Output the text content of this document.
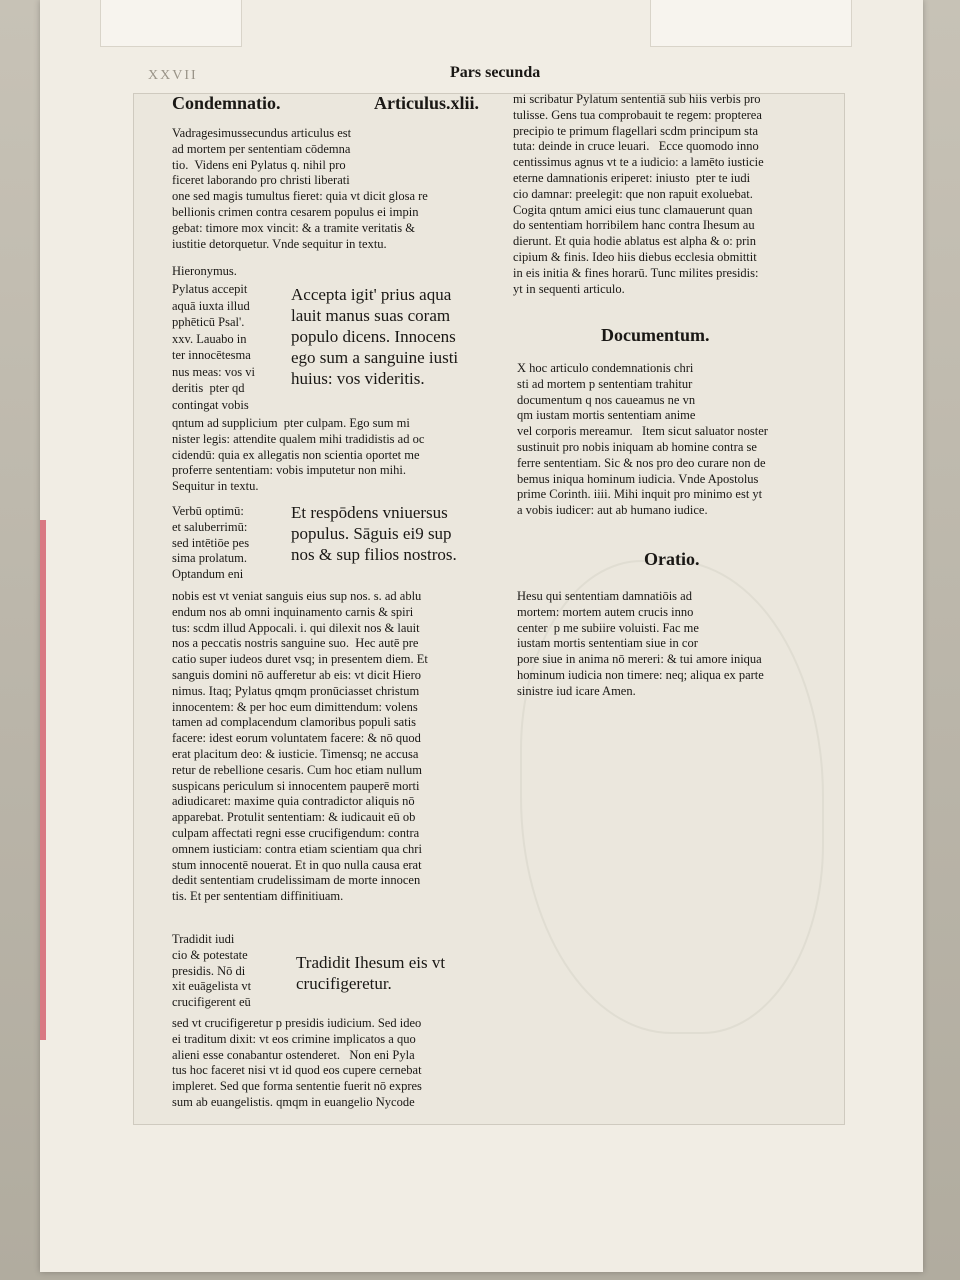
Pars secunda

XXVII

Condemnatio.	Articulus.xlii.

Vadragesimussecundus articulus est
ad mortem per sententiam cōdemna
tio.  Videns eni Pylatus q. nihil pro
ficeret laborando pro christi liberati
one sed magis tumultus fieret: quia vt dicit glosa re
bellionis crimen contra cesarem populus ei impin
gebat: timore mox vincit: & a tramite veritatis &
iustitie detorquetur. Vnde sequitur in textu.

Hieronymus.

Pylatus accepit
aquā iuxta illud
pphēticū Psal'.
xxv. Lauabo in
ter innocētesma
nus meas: vos vi
deritis  pter qd
contingat vobis

Accepta igit' prius aqua
lauit manus suas coram
populo dicens. Innocens
ego sum a sanguine iusti
huius: vos videritis.

qntum ad supplicium  pter culpam. Ego sum mi
nister legis: attendite qualem mihi tradidistis ad oc
cidendū: quia ex allegatis non scientia oportet me
proferre sententiam: vobis imputetur non mihi.
Sequitur in textu.

Verbū optimū:
et saluberrimū:
sed intētiōe pes
sima prolatum.
Optandum eni

Et respōdens vniuersus
populus. Sāguis ei9 sup
nos & sup filios nostros.

nobis est vt veniat sanguis eius sup nos. s. ad ablu
endum nos ab omni inquinamento carnis & spiri
tus: scdm illud Appocali. i. qui dilexit nos & lauit
nos a peccatis nostris sanguine suo.  Hec autē pre
catio super iudeos duret vsq; in presentem diem. Et
sanguis domini nō aufferetur ab eis: vt dicit Hiero
nimus. Itaq; Pylatus qmqm pronūciasset christum
innocentem: & per hoc eum dimittendum: volens
tamen ad complacendum clamoribus populi satis
facere: idest eorum voluntatem facere: & nō quod
erat placitum deo: & iusticie. Timensq; ne accusa
retur de rebellione cesaris. Cum hoc etiam nullum
suspicans periculum si innocentem pauperē morti
adiudicaret: maxime quia contradictor aliquis nō
apparebat. Protulit sententiam: & iudicauit eū ob
culpam affectati regni esse crucifigendum: contra
omnem iusticiam: contra etiam scientiam qua chri
stum innocentē nouerat. Et in quo nulla causa erat
dedit sententiam crudelissimam de morte innocen
tis. Et per sententiam diffinitiuam.

Tradidit iudi
cio & potestate
presidis. Nō di
xit euāgelista vt
crucifigerent eū

Tradidit Ihesum eis vt
crucifigeretur.

sed vt crucifigeretur p presidis iudicium. Sed ideo
ei traditum dixit: vt eos crimine implicatos a quo
alieni esse conabantur ostenderet.   Non eni Pyla
tus hoc faceret nisi vt id quod eos cupere cernebat
impleret. Sed que forma sententie fuerit nō expres
sum ab euangelistis. qmqm in euangelio Nycode

mi scribatur Pylatum sententiā sub hiis verbis pro
tulisse. Gens tua comprobauit te regem: propterea
precipio te primum flagellari scdm principum sta
tuta: deinde in cruce leuari.   Ecce quomodo inno
centissimus agnus vt te a iudicio: a lamēto iusticie
eterne damnationis eriperet: iniusto  pter te iudi
cio damnar: preelegit: que non rapuit exoluebat.
Cogita qntum amici eius tunc clamauerunt quan
do sententiam horribilem hanc contra Ihesum au
dierunt. Et quia hodie ablatus est alpha & o: prin
cipium & finis. Ideo hiis diebus ecclesia obmittit
in eis initia & fines horarū. Tunc milites presidis:
yt in sequenti articulo.

Documentum.

X hoc articulo condemnationis chri
sti ad mortem p sententiam trahitur
documentum q nos caueamus ne vn
qm iustam mortis sententiam anime
vel corporis mereamur.   Item sicut saluator noster
sustinuit pro nobis iniquam ab homine contra se
ferre sententiam. Sic & nos pro deo curare non de
bemus iniqua hominum iudicia. Vnde Apostolus
prime Corinth. iiii. Mihi inquit pro minimo est yt
a vobis iudicer: aut ab humano iudice.

Oratio.

Hesu qui sententiam damnatiōis ad
mortem: mortem autem crucis inno
center  p me subiire voluisti. Fac me
iustam mortis sententiam siue in cor
pore siue in anima nō mereri: & tui amore iniqua
hominum iudicia non timere: neq; aliqua ex parte
sinistre iud icare Amen.
